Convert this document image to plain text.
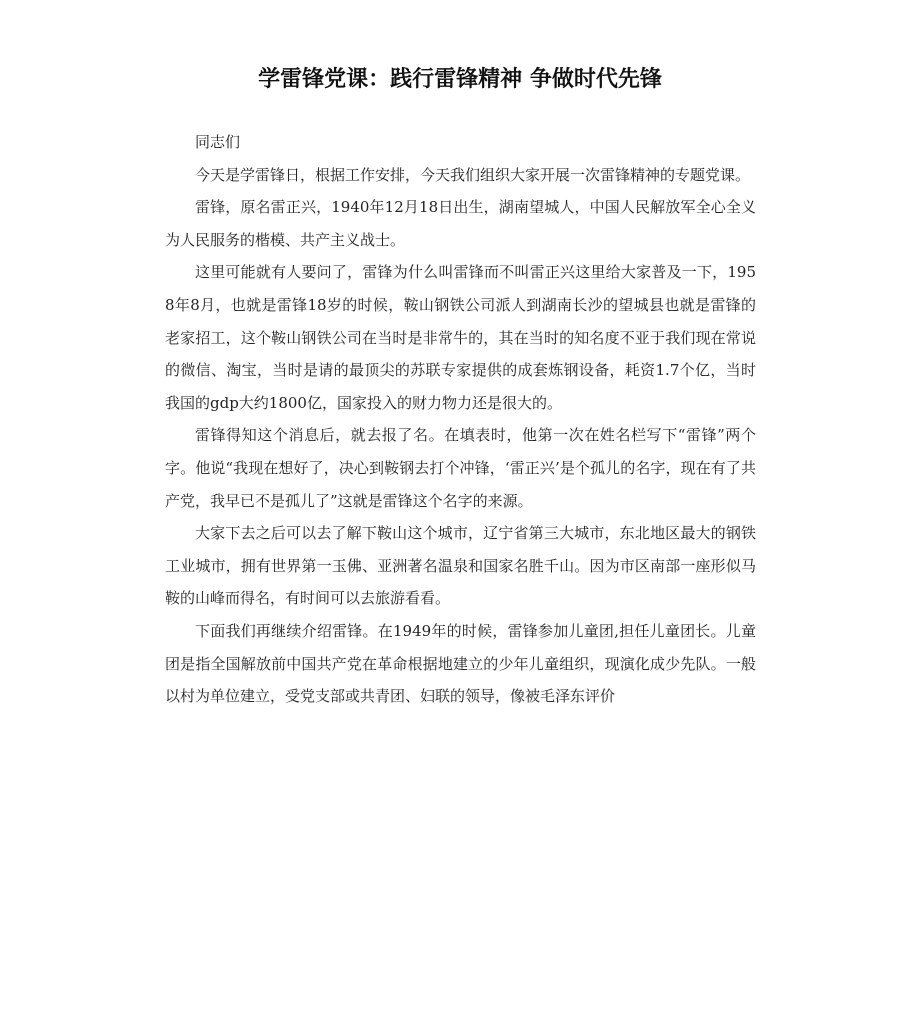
学雷锋党课：践行雷锋精神 争做时代先锋

同志们

今天是学雷锋日，根据工作安排，今天我们组织大家开展一次雷锋精神的专题党课。

雷锋，原名雷正兴，1940年12月18日出生，湖南望城人，中国人民解放军全心全义为人民服务的楷模、共产主义战士。

这里可能就有人要问了，雷锋为什么叫雷锋而不叫雷正兴这里给大家普及一下，1958年8月，也就是雷锋18岁的时候，鞍山钢铁公司派人到湖南长沙的望城县也就是雷锋的老家招工，这个鞍山钢铁公司在当时是非常牛的，其在当时的知名度不亚于我们现在常说的微信、淘宝，当时是请的最顶尖的苏联专家提供的成套炼钢设备，耗资1.7个亿，当时我国的gdp大约1800亿，国家投入的财力物力还是很大的。

雷锋得知这个消息后，就去报了名。在填表时，他第一次在姓名栏写下“雷锋”两个字。他说“我现在想好了，决心到鞍钢去打个冲锋，‘雷正兴’是个孤儿的名字，现在有了共产党，我早已不是孤儿了”这就是雷锋这个名字的来源。

大家下去之后可以去了解下鞍山这个城市，辽宁省第三大城市，东北地区最大的钢铁工业城市，拥有世界第一玉佛、亚洲著名温泉和国家名胜千山。因为市区南部一座形似马鞍的山峰而得名，有时间可以去旅游看看。

下面我们再继续介绍雷锋。在1949年的时候，雷锋参加儿童团,担任儿童团长。儿童团是指全国解放前中国共产党在革命根据地建立的少年儿童组织，现演化成少先队。一般以村为单位建立，受党支部或共青团、妇联的领导，像被毛泽东评价
